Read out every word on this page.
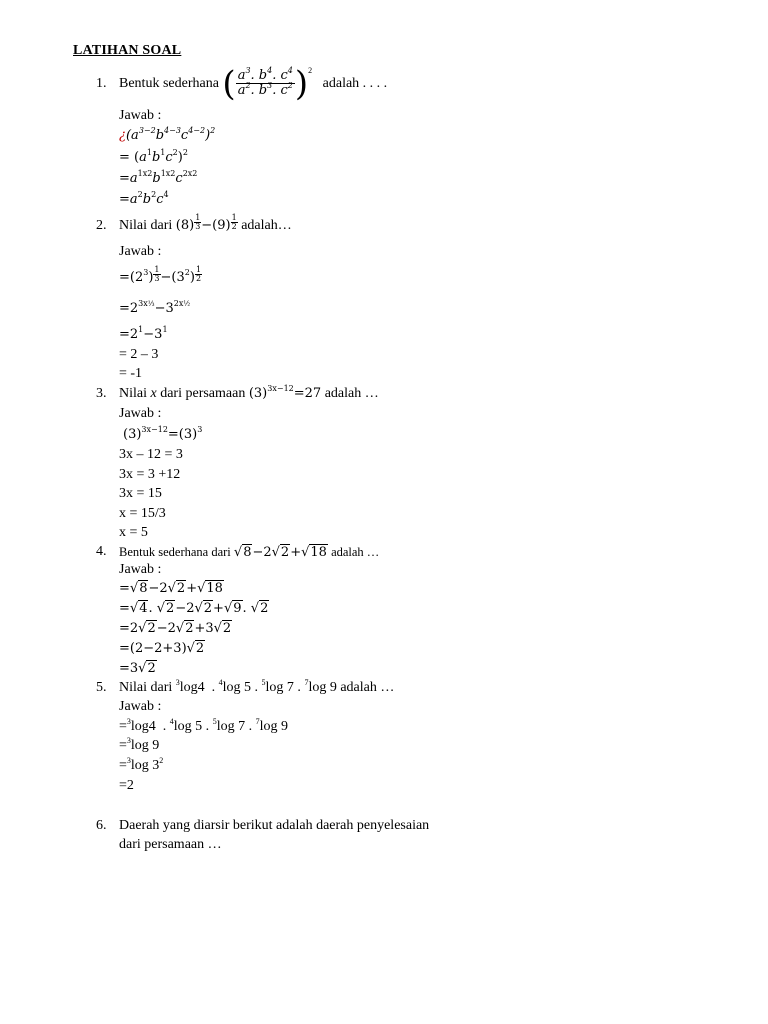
LATIHAN SOAL
1. Bentuk sederhana ( $\frac{a^3. b^4. c^4}{a^2. b^3. c^2} )^2$   adalah . . . .
Jawab :
¿$(a^{3-2}b^{4-3}c^{4-2})^2$
= $(a^1b^1c^2)^2$
$=a^{1x2}b^{1x2}c^{2x2}$
$=a^2b^2c^4$
2. Nilai dari $(8) \frac{1}{3} -(9) \frac{1}{2}$ adalah…
Jawab :
$=(2^3) \frac{1}{3} -(3^2) \frac{1}{2}$
$=2^{3x\frac{1}{3}}-3^{2x\frac{1}{2}}$
$=2^1-3^1$
= 2 – 3
= -1
3. Nilai x dari persamaan $(3)^{3x-12}=27$ adalah …
Jawab :
$(3)^{3x-12}=(3)^3$
3x – 12 = 3
3x = 3 +12
3x = 15
x = 15/3
x = 5
4. Bentuk sederhana dari √8−2√2+√18 adalah …
Jawab :
=√8−2√2+√18
=√4. √2−2√2+√9. √2
=2√2−2√2+3√2
=(2−2+3)√2
=3√2
5. Nilai dari $^3$log4  . $^4$log 5 . $^5$log 7 . $^7$log 9 adalah …
Jawab :
=$^3$log4  . $^4$log 5 . $^5$log 7 . $^7$log 9
=$^3$log 9
=$^3$log $3^2$
=2
6. Daerah yang diarsir berikut adalah daerah penyelesaian
dari persamaan …
